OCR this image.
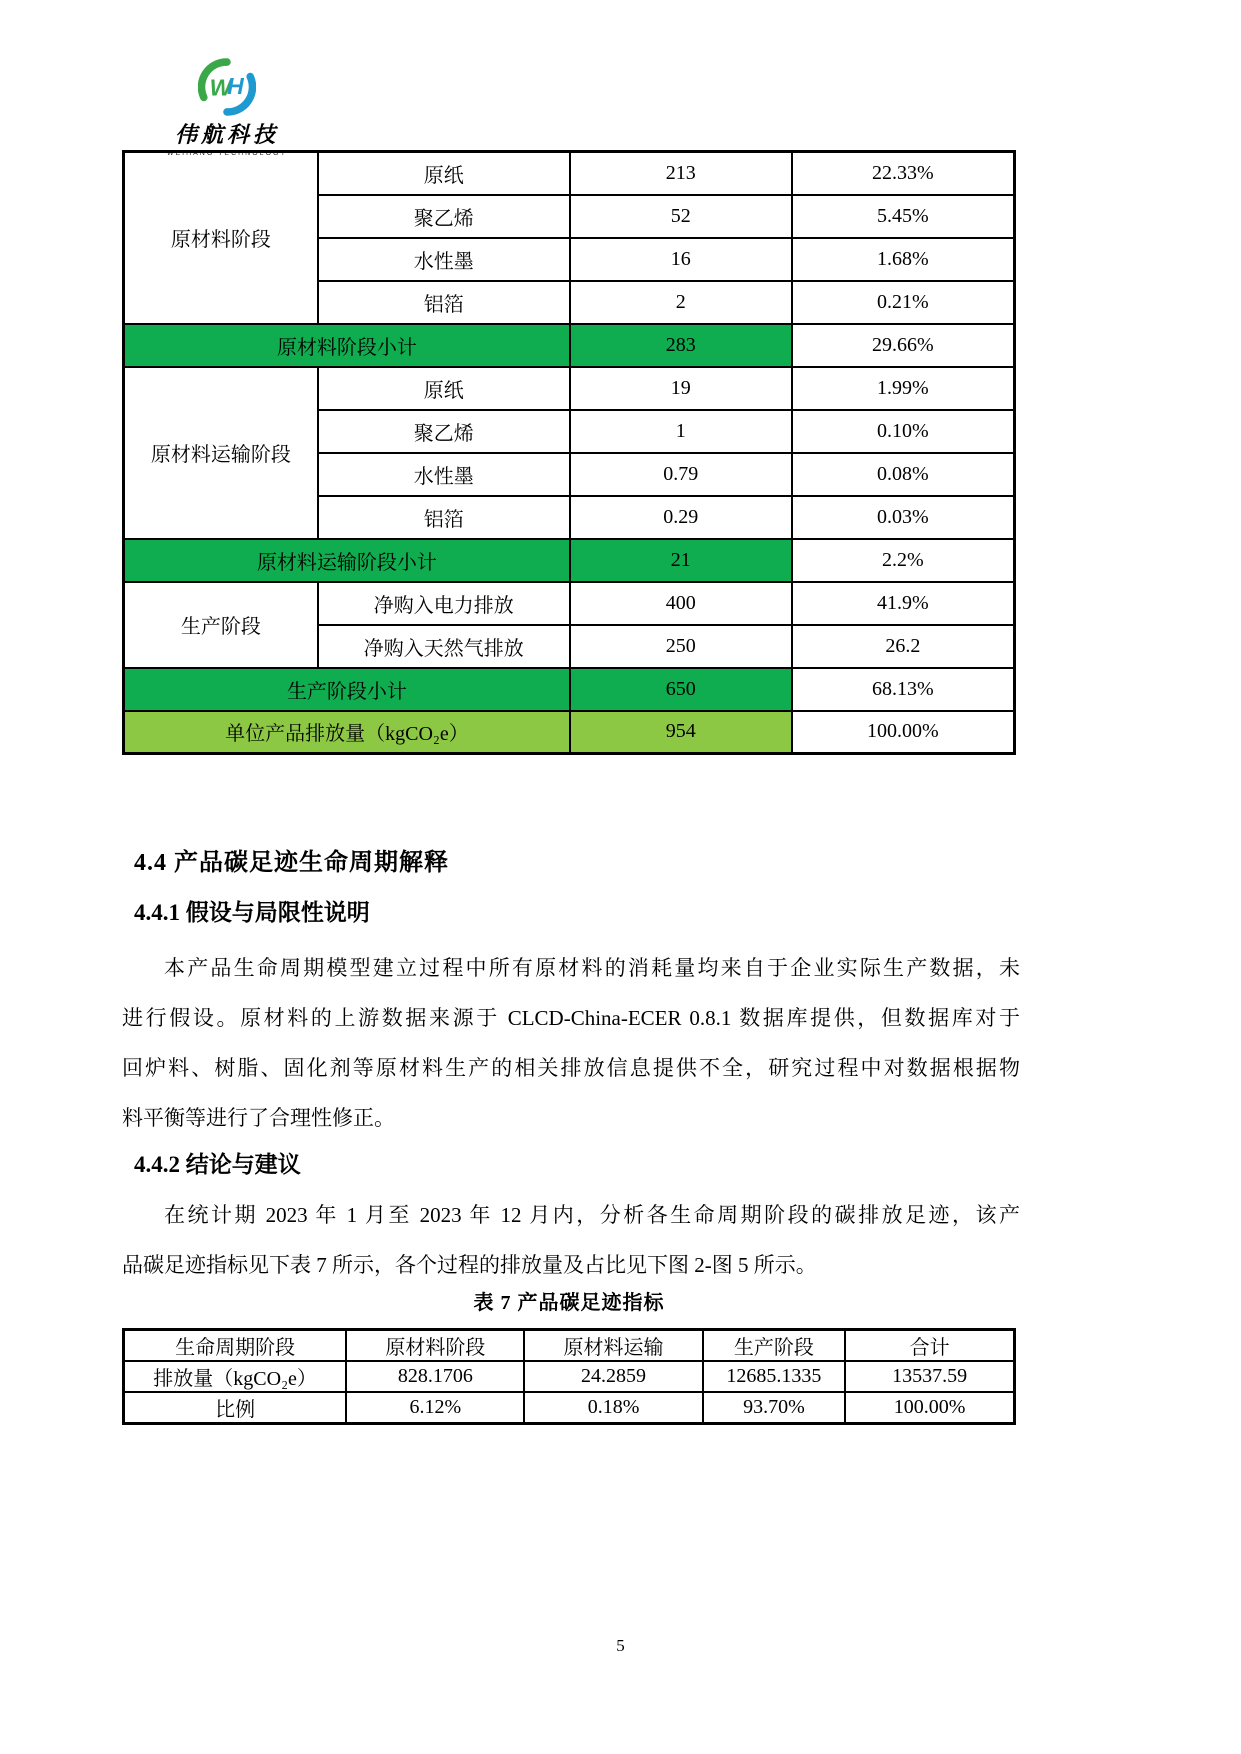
W
H
伟航科技
WEIHANG TECHNOLOGY
原材料阶段	原纸	213	22.33%
	聚乙烯	52	5.45%
	水性墨	16	1.68%
	铝箔	2	0.21%
原材料阶段小计		283	29.66%
原材料运输阶段	原纸	19	1.99%
	聚乙烯	1	0.10%
	水性墨	0.79	0.08%
	铝箔	0.29	0.03%
原材料运输阶段小计		21	2.2%
生产阶段	净购入电力排放	400	41.9%
	净购入天然气排放	250	26.2
生产阶段小计		650	68.13%
单位产品排放量（kgCO₂e）		954	100.00%
4.4 产品碳足迹生命周期解释
4.4.1 假设与局限性说明
本产品生命周期模型建立过程中所有原材料的消耗量均来自于企业实际生产数据，未
进行假设。原材料的上游数据来源于 CLCD-China-ECER 0.8.1 数据库提供，但数据库对于
回炉料、树脂、固化剂等原材料生产的相关排放信息提供不全，研究过程中对数据根据物
料平衡等进行了合理性修正。
4.4.2 结论与建议
在统计期 2023 年 1 月至 2023 年 12 月内，分析各生命周期阶段的碳排放足迹，该产
品碳足迹指标见下表 7 所示，各个过程的排放量及占比见下图 2-图 5 所示。
表 7 产品碳足迹指标
生命周期阶段	原材料阶段	原材料运输	生产阶段	合计
排放量（kgCO₂e）	828.1706	24.2859	12685.1335	13537.59
比例	6.12%	0.18%	93.70%	100.00%
5
